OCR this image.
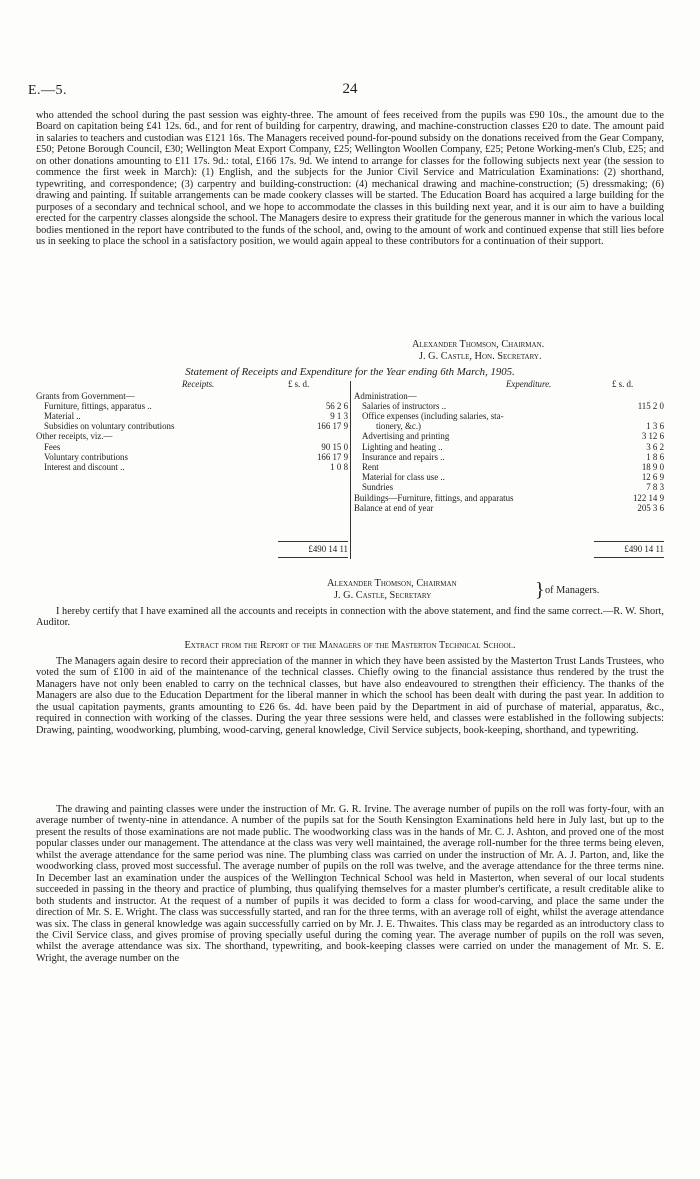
E.—5.	24

who attended the school during the past session was eighty-three. The amount of fees received from the pupils was £90 10s., the amount due to the Board on capitation being £41 12s. 6d., and for rent of building for carpentry, drawing, and machine-construction classes £20 to date. The amount paid in salaries to teachers and custodian was £121 16s. The Managers received pound-for-pound subsidy on the donations received from the Gear Company, £50; Petone Borough Council, £30; Wellington Meat Export Company, £25; Wellington Woollen Company, £25; Petone Working-men's Club, £25; and on other donations amounting to £11 17s. 9d.: total, £166 17s. 9d. We intend to arrange for classes for the following subjects next year (the session to commence the first week in March): (1) English, and the subjects for the Junior Civil Service and Matriculation Examinations: (2) shorthand, typewriting, and correspondence; (3) carpentry and building-construction: (4) mechanical drawing and machine-construction; (5) dressmaking; (6) drawing and painting. If suitable arrangements can be made cookery classes will be started. The Education Board has acquired a large building for the purposes of a secondary and technical school, and we hope to accommodate the classes in this building next year, and it is our aim to have a building erected for the carpentry classes alongside the school. The Managers desire to express their gratitude for the generous manner in which the various local bodies mentioned in the report have contributed to the funds of the school, and, owing to the amount of work and continued expense that still lies before us in seeking to place the school in a satisfactory position, we would again appeal to these contributors for a continuation of their support.

Alexander Thomson, Chairman.
J. G. Castle, Hon. Secretary.
Statement of Receipts and Expenditure for the Year ending 6th March, 1905.
Receipts.	£ s. d.	Expenditure.	£ s. d.
Grants from Government—
Furniture, fittings, apparatus ..	56 2 6
Material ..	9 1 3
Subsidies on voluntary contributions	166 17 9
Other receipts, viz.—
Fees	90 15 0
Voluntary contributions	166 17 9
Interest and discount ..	1 0 8
Administration—
Salaries of instructors ..	115 2 0
Office expenses (including salaries, sta-
tionery, &c.)	1 3 6
Advertising and printing	3 12 6
Lighting and heating ..	3 6 2
Insurance and repairs ..	1 8 6
Rent	18 9 0
Material for class use ..	12 6 9
Sundries	7 8 3
Buildings—Furniture, fittings, and apparatus	122 14 9
Balance at end of year	205 3 6
£490 14 11	£490 14 11
Alexander Thomson, Chairman
J. G. Castle, Secretary	} of Managers.

I hereby certify that I have examined all the accounts and receipts in connection with the above statement, and find the same correct.—R. W. Short, Auditor.

Extract from the Report of the Managers of the Masterton Technical School.

The Managers again desire to record their appreciation of the manner in which they have been assisted by the Masterton Trust Lands Trustees, who voted the sum of £100 in aid of the maintenance of the technical classes. Chiefly owing to the financial assistance thus rendered by the trust the Managers have not only been enabled to carry on the technical classes, but have also endeavoured to strengthen their efficiency. The thanks of the Managers are also due to the Education Department for the liberal manner in which the school has been dealt with during the past year. In addition to the usual capitation payments, grants amounting to £26 6s. 4d. have been paid by the Department in aid of purchase of material, apparatus, &c., required in connection with working of the classes. During the year three sessions were held, and classes were established in the following subjects: Drawing, painting, woodworking, plumbing, wood-carving, general knowledge, Civil Service subjects, book-keeping, shorthand, and typewriting.

The drawing and painting classes were under the instruction of Mr. G. R. Irvine. The average number of pupils on the roll was forty-four, with an average number of twenty-nine in attendance. A number of the pupils sat for the South Kensington Examinations held here in July last, but up to the present the results of those examinations are not made public. The woodworking class was in the hands of Mr. C. J. Ashton, and proved one of the most popular classes under our management. The attendance at the class was very well maintained, the average roll-number for the three terms being eleven, whilst the average attendance for the same period was nine. The plumbing class was carried on under the instruction of Mr. A. J. Parton, and, like the woodworking class, proved most successful. The average number of pupils on the roll was twelve, and the average attendance for the three terms nine. In December last an examination under the auspices of the Wellington Technical School was held in Masterton, when several of our local students succeeded in passing in the theory and practice of plumbing, thus qualifying themselves for a master plumber's certificate, a result creditable alike to both students and instructor. At the request of a number of pupils it was decided to form a class for wood-carving, and place the same under the direction of Mr. S. E. Wright. The class was successfully started, and ran for the three terms, with an average roll of eight, whilst the average attendance was six. The class in general knowledge was again successfully carried on by Mr. J. E. Thwaites. This class may be regarded as an introductory class to the Civil Service class, and gives promise of proving specially useful during the coming year. The average number of pupils on the roll was seven, whilst the average attendance was six. The shorthand, typewriting, and book-keeping classes were carried on under the management of Mr. S. E. Wright, the average number on the
